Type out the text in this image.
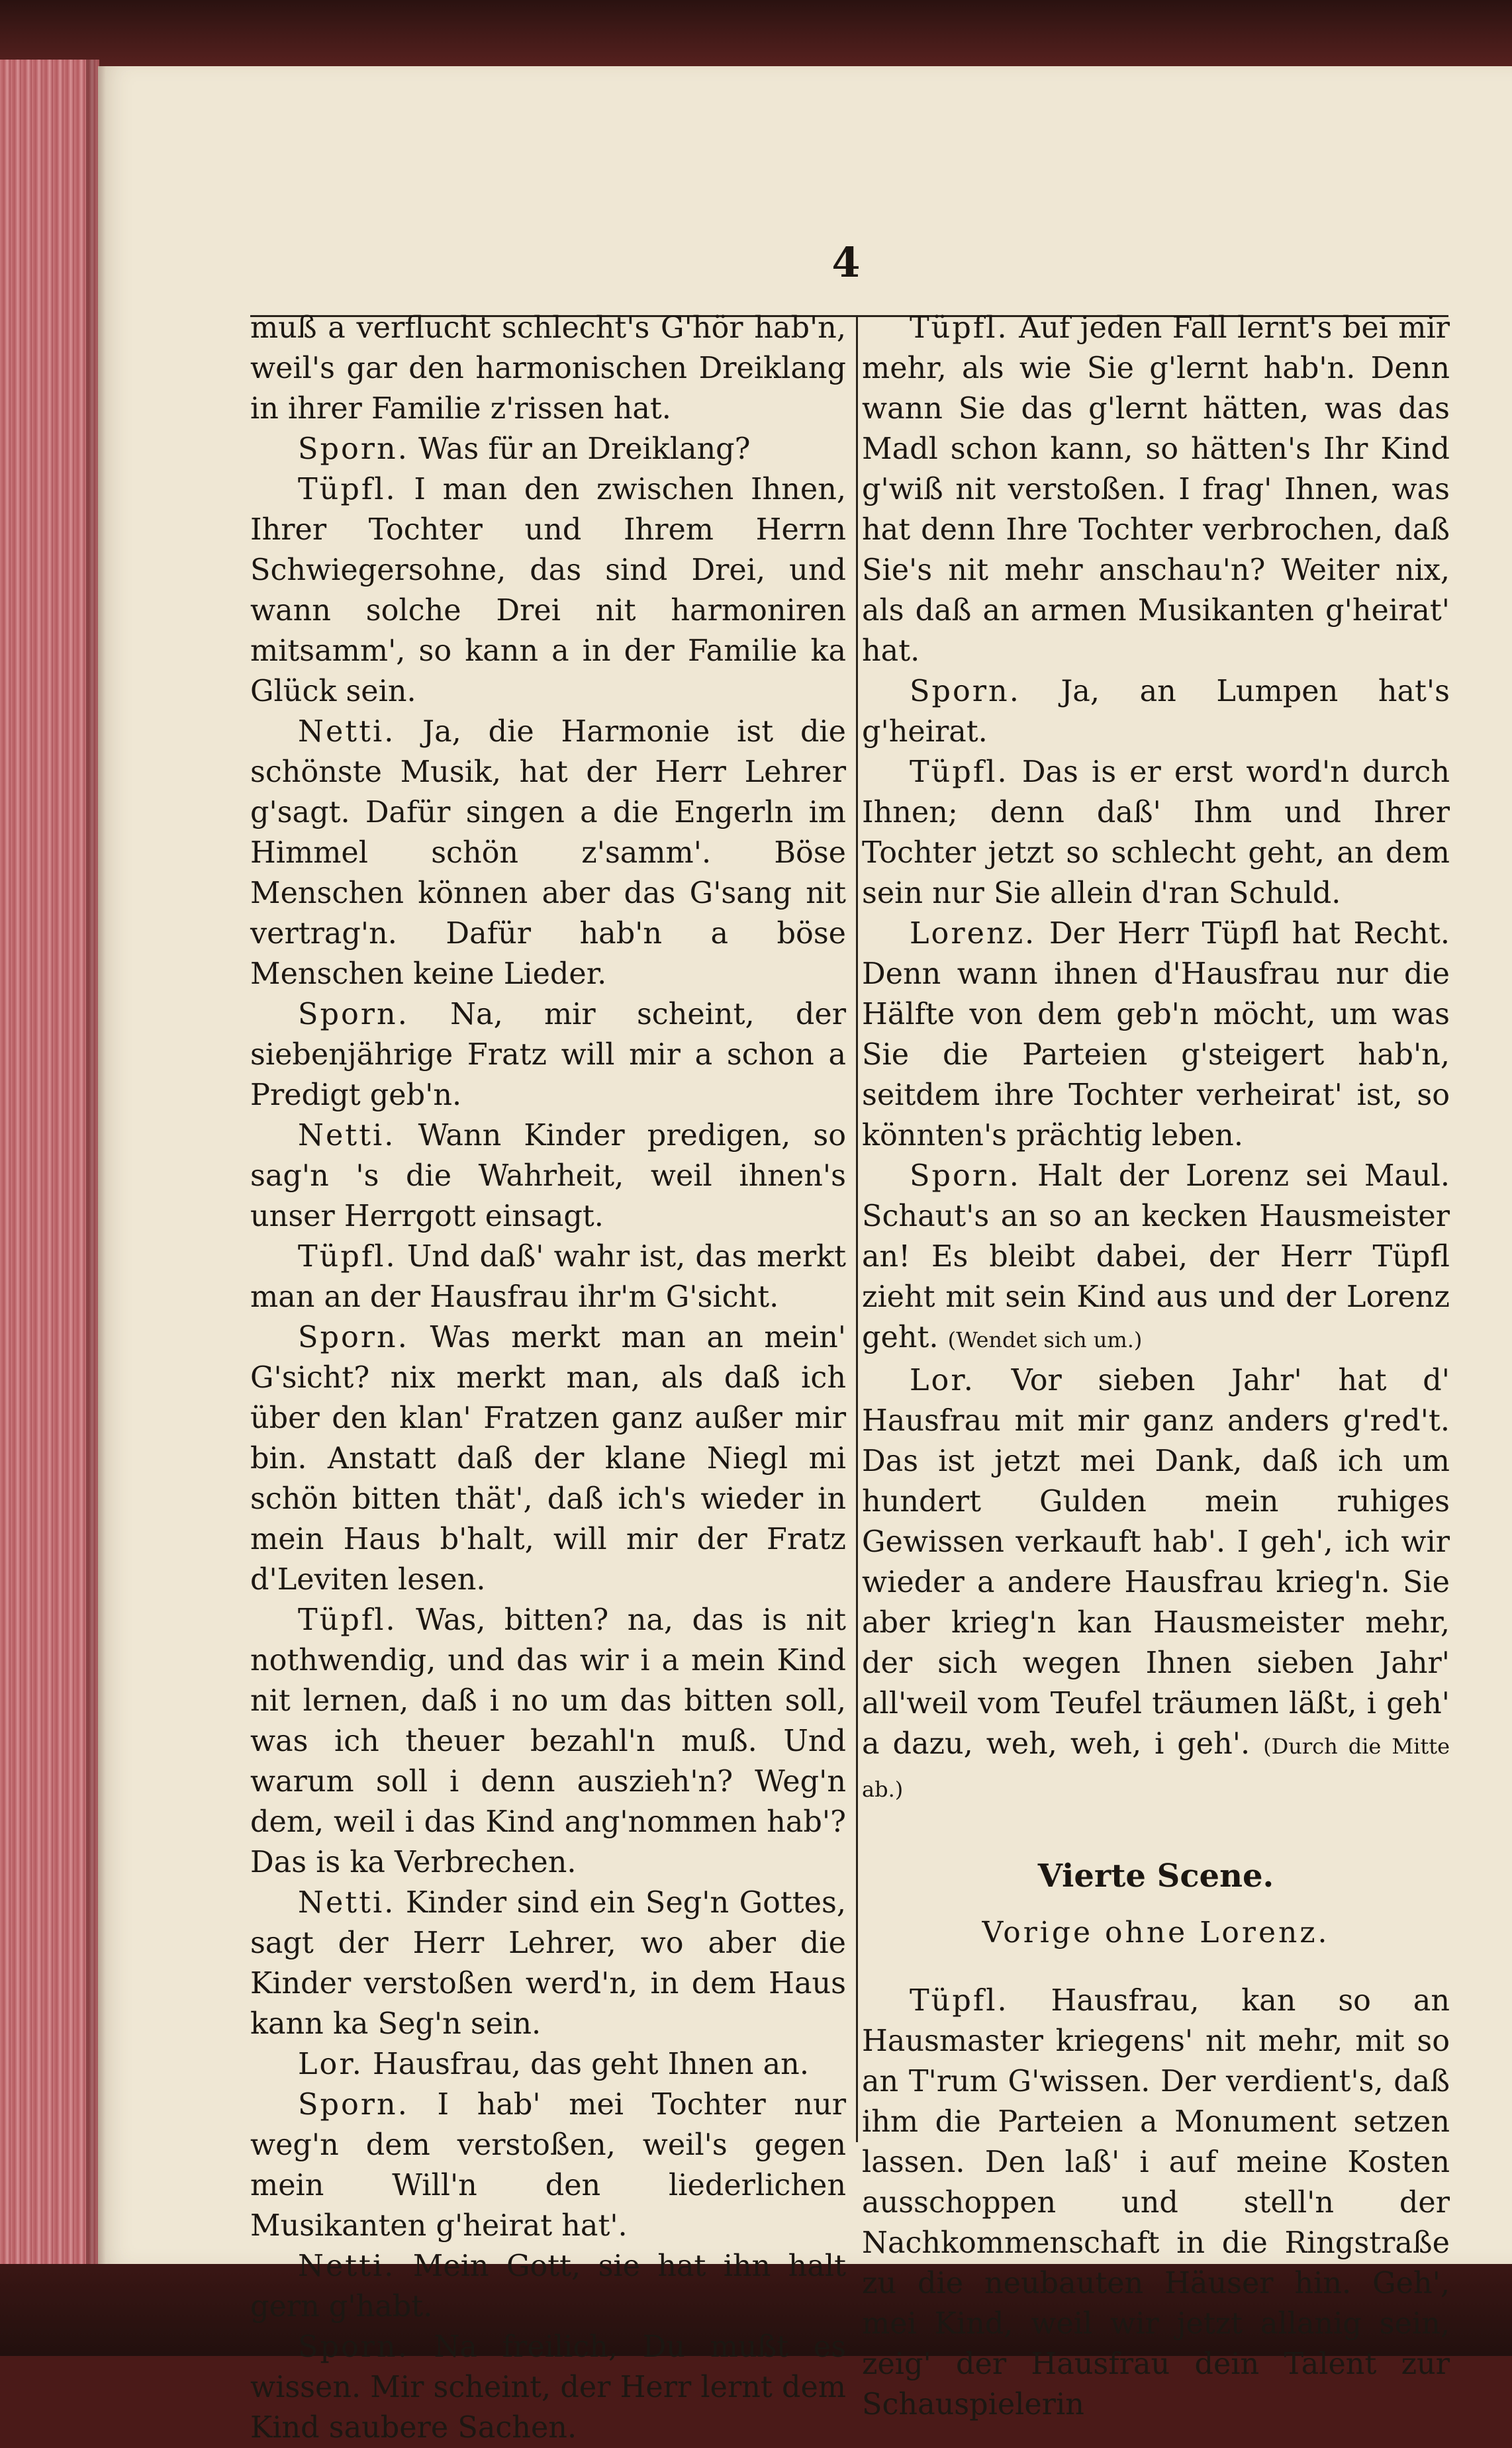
4

muß a verflucht schlecht's G'hör hab'n, weil's gar den harmonischen Dreiklang in ihrer Familie z'rissen hat.

Sporn. Was für an Dreiklang?

Tüpfl. I man den zwischen Ihnen, Ihrer Tochter und Ihrem Herrn Schwiegersohne, das sind Drei, und wann solche Drei nit harmoniren mitsamm', so kann a in der Familie ka Glück sein.

Netti. Ja, die Harmonie ist die schönste Musik, hat der Herr Lehrer g'sagt. Dafür singen a die Engerln im Himmel schön z'samm'. Böse Menschen können aber das G'sang nit vertrag'n. Dafür hab'n a böse Menschen keine Lieder.

Sporn. Na, mir scheint, der siebenjährige Fratz will mir a schon a Predigt geb'n.

Netti. Wann Kinder predigen, so sag'n 's die Wahrheit, weil ihnen's unser Herrgott einsagt.

Tüpfl. Und daß' wahr ist, das merkt man an der Hausfrau ihr'm G'sicht.

Sporn. Was merkt man an mein' G'sicht? nix merkt man, als daß ich über den klan' Fratzen ganz außer mir bin. Anstatt daß der klane Niegl mi schön bitten thät', daß ich's wieder in mein Haus b'halt, will mir der Fratz d'Leviten lesen.

Tüpfl. Was, bitten? na, das is nit nothwendig, und das wir i a mein Kind nit lernen, daß i no um das bitten soll, was ich theuer bezahl'n muß. Und warum soll i denn auszieh'n? Weg'n dem, weil i das Kind ang'nommen hab'? Das is ka Verbrechen.

Netti. Kinder sind ein Seg'n Gottes, sagt der Herr Lehrer, wo aber die Kinder verstoßen werd'n, in dem Haus kann ka Seg'n sein.

Lor. Hausfrau, das geht Ihnen an.

Sporn. I hab' mei Tochter nur weg'n dem verstoßen, weil's gegen mein Will'n den liederlichen Musikanten g'heirat hat'.

Netti. Mein Gott, sie hat ihn halt gern g'habt.

Sporn. Na freilich, Du mußt es wissen. Mir scheint, der Herr lernt dem Kind saubere Sachen.

Tüpfl. Auf jeden Fall lernt's bei mir mehr, als wie Sie g'lernt hab'n. Denn wann Sie das g'lernt hätten, was das Madl schon kann, so hätten's Ihr Kind g'wiß nit verstoßen. I frag' Ihnen, was hat denn Ihre Tochter verbrochen, daß Sie's nit mehr anschau'n? Weiter nix, als daß an armen Musikanten g'heirat' hat.

Sporn. Ja, an Lumpen hat's g'heirat.

Tüpfl. Das is er erst word'n durch Ihnen; denn daß' Ihm und Ihrer Tochter jetzt so schlecht geht, an dem sein nur Sie allein d'ran Schuld.

Lorenz. Der Herr Tüpfl hat Recht. Denn wann ihnen d'Hausfrau nur die Hälfte von dem geb'n möcht, um was Sie die Parteien g'steigert hab'n, seitdem ihre Tochter verheirat' ist, so könnten's prächtig leben.

Sporn. Halt der Lorenz sei Maul. Schaut's an so an kecken Hausmeister an! Es bleibt dabei, der Herr Tüpfl zieht mit sein Kind aus und der Lorenz geht. (Wendet sich um.)

Lor. Vor sieben Jahr' hat d' Hausfrau mit mir ganz anders g'red't. Das ist jetzt mei Dank, daß ich um hundert Gulden mein ruhiges Gewissen verkauft hab'. I geh', ich wir wieder a andere Hausfrau krieg'n. Sie aber krieg'n kan Hausmeister mehr, der sich wegen Ihnen sieben Jahr' all'weil vom Teufel träumen läßt, i geh' a dazu, weh, weh, i geh'. (Durch die Mitte ab.)

Vierte Scene.
Vorige ohne Lorenz.

Tüpfl. Hausfrau, kan so an Hausmaster kriegens' nit mehr, mit so an T'rum G'wissen. Der verdient's, daß ihm die Parteien a Monument setzen lassen. Den laß' i auf meine Kosten ausschoppen und stell'n der Nachkommenschaft in die Ringstraße zu die neubauten Häuser hin. Geh', mei Kind, weil wir jetzt allanig sein, zeig' der Hausfrau dein Talent zur Schauspielerin
